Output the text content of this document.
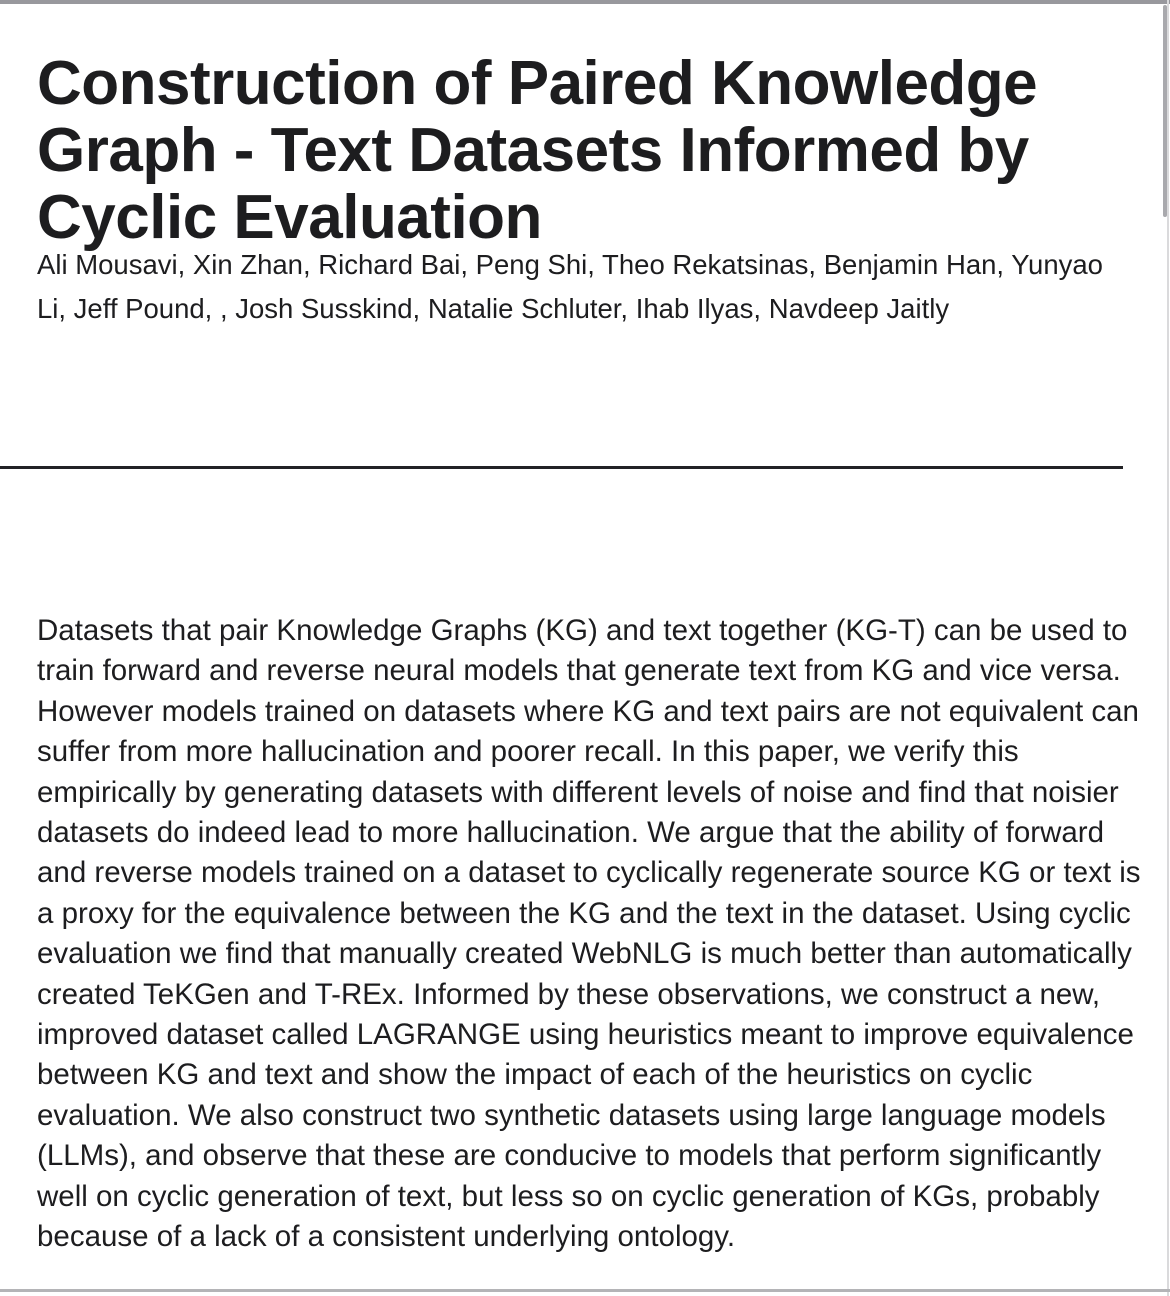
Construction of Paired Knowledge Graph - Text Datasets Informed by Cyclic Evaluation
Ali Mousavi, Xin Zhan, Richard Bai, Peng Shi, Theo Rekatsinas, Benjamin Han, Yunyao Li, Jeff Pound, , Josh Susskind, Natalie Schluter, Ihab Ilyas, Navdeep Jaitly
Datasets that pair Knowledge Graphs (KG) and text together (KG-T) can be used to
train forward and reverse neural models that generate text from KG and vice versa.
However models trained on datasets where KG and text pairs are not equivalent can
suffer from more hallucination and poorer recall. In this paper, we verify this
empirically by generating datasets with different levels of noise and find that noisier
datasets do indeed lead to more hallucination. We argue that the ability of forward
and reverse models trained on a dataset to cyclically regenerate source KG or text is
a proxy for the equivalence between the KG and the text in the dataset. Using cyclic
evaluation we find that manually created WebNLG is much better than automatically
created TeKGen and T-REx. Informed by these observations, we construct a new,
improved dataset called LAGRANGE using heuristics meant to improve equivalence
between KG and text and show the impact of each of the heuristics on cyclic
evaluation. We also construct two synthetic datasets using large language models
(LLMs), and observe that these are conducive to models that perform significantly
well on cyclic generation of text, but less so on cyclic generation of KGs, probably
because of a lack of a consistent underlying ontology.
